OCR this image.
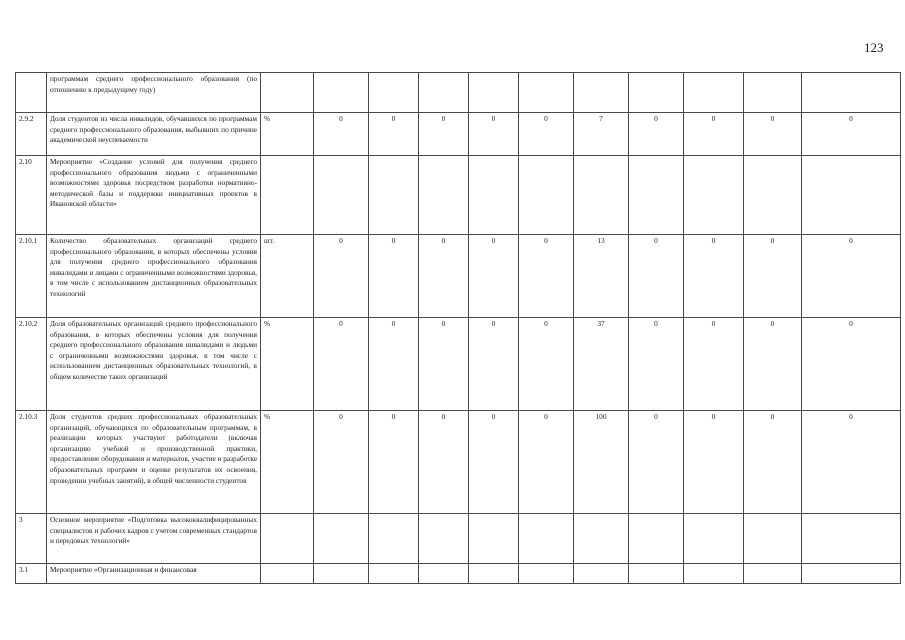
123
	программам среднего профессионального образования (по отношению к предыдущему году)												
2.9.2	Доля студентов из числа инвалидов, обучавшихся по программам среднего профессионального образования, выбывших по причине академической неуспеваемости	%	0	0	0	0	0	7	0	0	0	0	
2.10	Мероприятие «Создание условий для получения среднего профессионального образования людьми с ограниченными возможностями здоровья посредством разработки нормативно-методической базы и поддержки инициативных проектов в Ивановской области»												
2.10.1	Количество образовательных организаций среднего профессионального образования, в которых обеспечены условия для получения среднего профессионального образования инвалидами и лицами с ограниченными возможностями здоровья, в том числе с использованием дистанционных образовательных технологий	шт.	0	0	0	0	0	13	0	0	0	0	
2.10.2	Доля образовательных организаций среднего профессионального образования, в которых обеспечены условия для получения среднего профессионального образования инвалидами и людьми с ограниченными возможностями здоровья, в том числе с использованием дистанционных образовательных технологий, в общем количестве таких организаций	%	0	0	0	0	0	37	0	0	0	0	
2.10.3	Доля студентов средних профессиональных образовательных организаций, обучающихся по образовательным программам, в реализации которых участвуют работодатели (включая организацию учебной и производственной практики, предоставление оборудования и материалов, участие в разработке образовательных программ и оценке результатов их освоения, проведении учебных занятий), в общей численности студентов	%	0	0	0	0	0	100	0	0	0	0	
3	Основное мероприятие «Подготовка высококвалифицированных специалистов и рабочих кадров с учетом современных стандартов и передовых технологий»												
3.1	Мероприятие «Организационная и финансовая												
